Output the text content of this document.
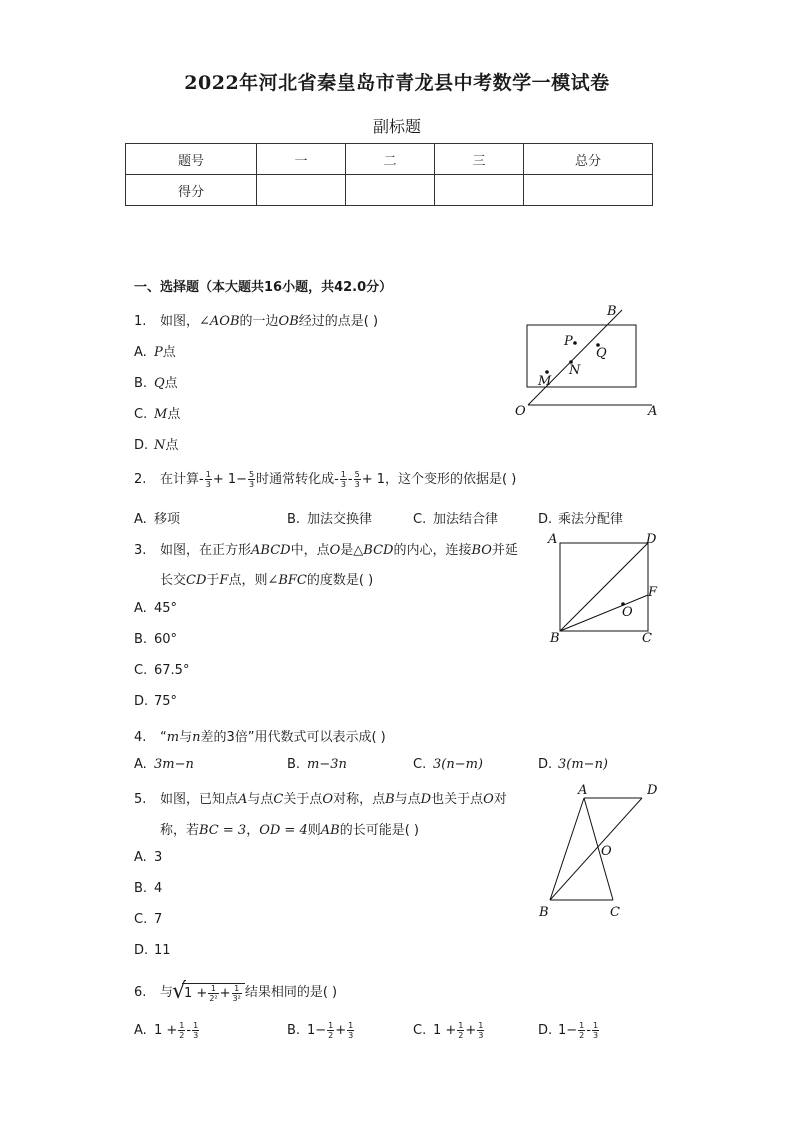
2022年河北省秦皇岛市青龙县中考数学一模试卷
副标题
题号	一	二	三	总分
得分				
一、选择题（本大题共16小题，共42.0分）
1. 如图，∠AOB的一边OB经过的点是( )
A. P点
B. Q点
C. M点
D. N点
B
P
Q
N
M
O	A
2. 在计算- $\frac{1}{3} + 1- \frac{5}{3}$ 时通常转化成- $\frac{1}{3} - \frac{5}{3} + 1$，这个变形的依据是( )
A. 移项	B. 加法交换律	C. 加法结合律	D. 乘法分配律
3. 如图，在正方形ABCD中，点O是△BCD的内心，连接BO并延
长交CD于F点，则∠BFC的度数是( )
A. 45°
B. 60°
C. 67.5°
D. 75°
A	D
F
O
B	C
4. “m与n差的3倍”用代数式可以表示成( )
A. 3m−n	B. m−3n	C. 3(n−m)	D. 3(m−n)
5. 如图，已知点A与点C关于点O对称，点B与点D也关于点O对
称，若BC = 3，OD = 4则AB的长可能是( )
A. 3
B. 4
C. 7
D. 11
A	D
O
B	C
6. 与 √
$1 + \frac{1}{\text{2²}} + \frac{1}{\text{3²}}$ 结果相同的是( )
A. $1 + \frac{1}{2} - \frac{1}{3}$	B. $1- \frac{1}{2} + \frac{1}{3}$	C. $1 + \frac{1}{2} + \frac{1}{3}$	D. $1- \frac{1}{2} - \frac{1}{3}$
